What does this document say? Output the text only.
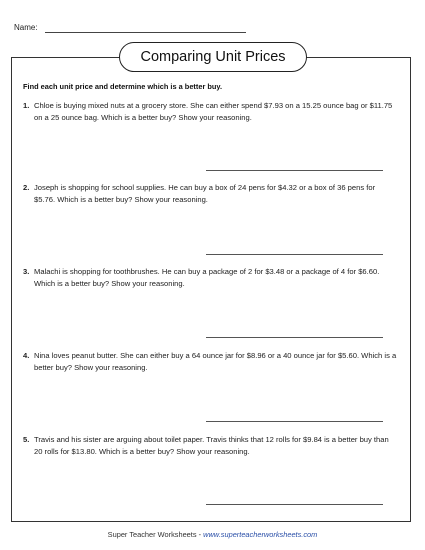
Name:
Comparing Unit Prices
Find each unit price and determine which is a better buy.
1. Chloe is buying mixed nuts at a grocery store. She can either spend $7.93 on a 15.25 ounce bag or $11.75 on a 25 ounce bag. Which is a better buy? Show your reasoning.
2. Joseph is shopping for school supplies. He can buy a box of 24 pens for $4.32 or a box of 36 pens for $5.76. Which is a better buy? Show your reasoning.
3. Malachi is shopping for toothbrushes. He can buy a package of 2 for $3.48 or a package of 4 for $6.60. Which is a better buy? Show your reasoning.
4. Nina loves peanut butter. She can either buy a 64 ounce jar for $8.96 or a 40 ounce jar for $5.60. Which is a better buy? Show your reasoning.
5. Travis and his sister are arguing about toilet paper. Travis thinks that 12 rolls for $9.84 is a better buy than 20 rolls for $13.80. Which is a better buy? Show your reasoning.
Super Teacher Worksheets - www.superteacherworksheets.com
